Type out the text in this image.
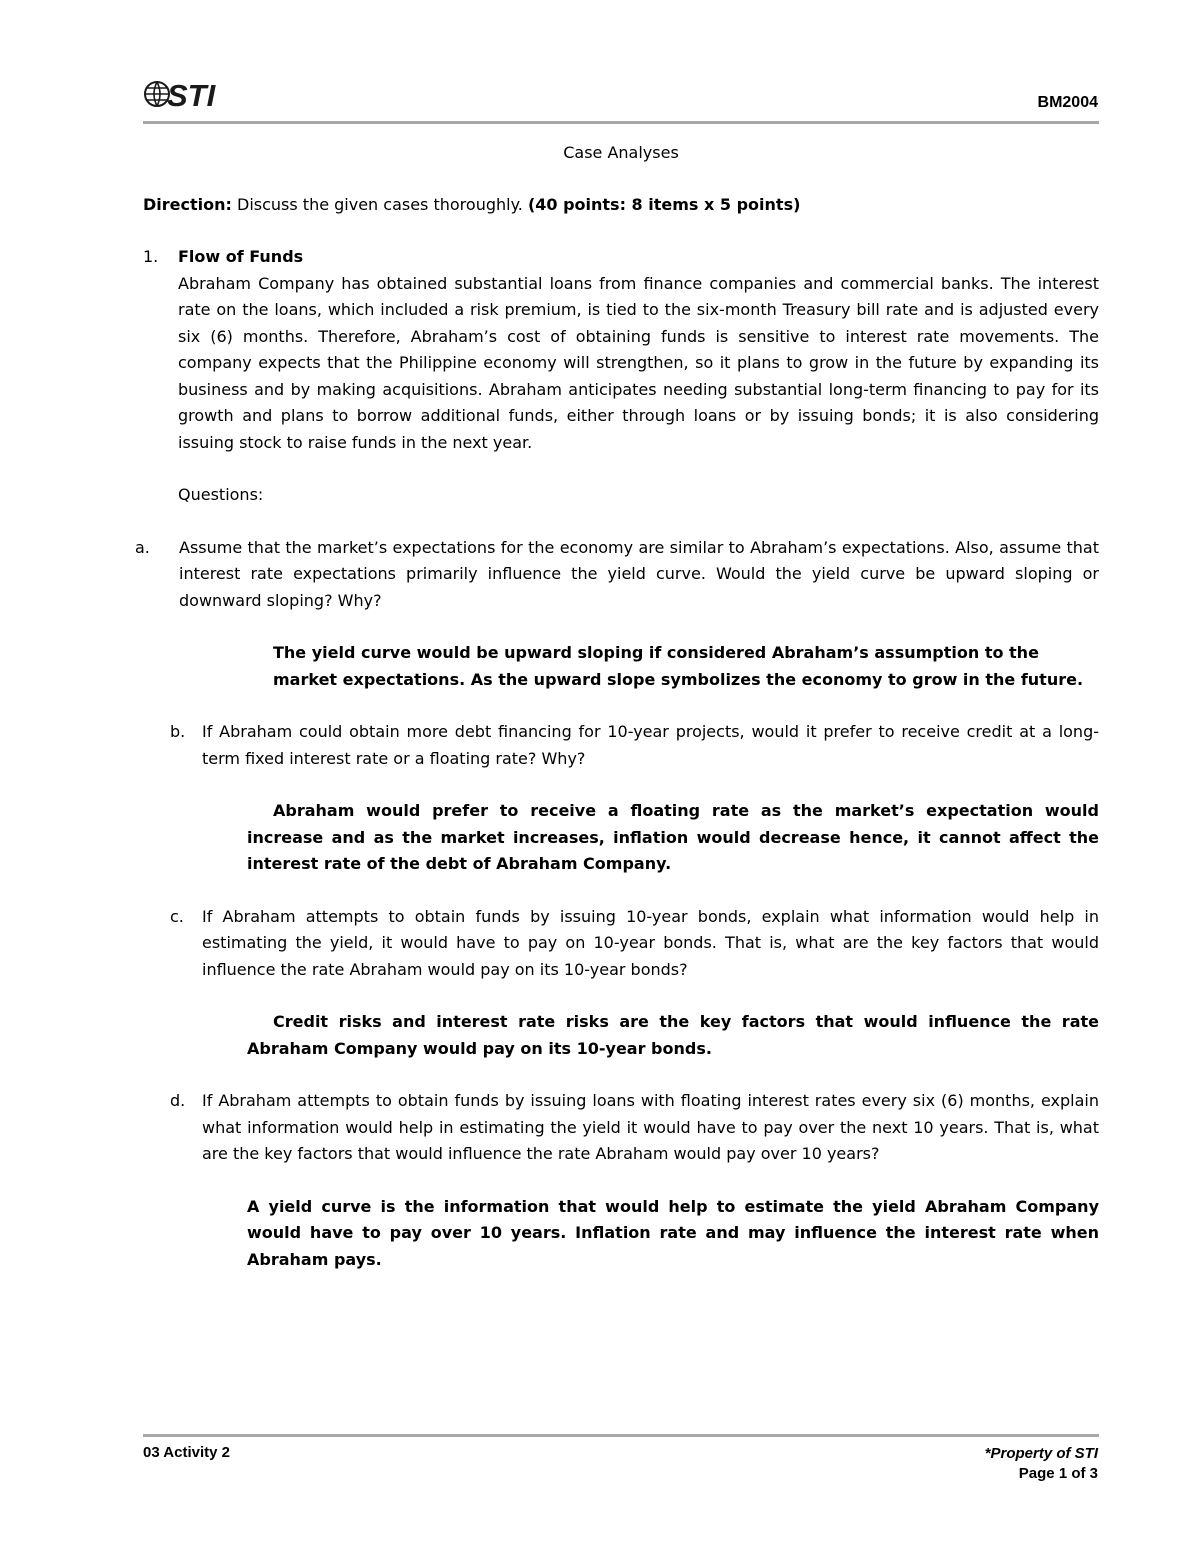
STI	BM2004
Case Analyses
Direction: Discuss the given cases thoroughly. (40 points: 8 items x 5 points)
1.	Flow of Funds
Abraham Company has obtained substantial loans from finance companies and commercial banks. The interest rate on the loans, which included a risk premium, is tied to the six-month Treasury bill rate and is adjusted every six (6) months. Therefore, Abraham’s cost of obtaining funds is sensitive to interest rate movements. The company expects that the Philippine economy will strengthen, so it plans to grow in the future by expanding its business and by making acquisitions. Abraham anticipates needing substantial long-term financing to pay for its growth and plans to borrow additional funds, either through loans or by issuing bonds; it is also considering issuing stock to raise funds in the next year.
Questions:
a.	Assume that the market’s expectations for the economy are similar to Abraham’s expectations. Also, assume that interest rate expectations primarily influence the yield curve. Would the yield curve be upward sloping or downward sloping? Why?
The yield curve would be upward sloping if considered Abraham’s assumption to the market expectations. As the upward slope symbolizes the economy to grow in the future.
b.	If Abraham could obtain more debt financing for 10-year projects, would it prefer to receive credit at a long-term fixed interest rate or a floating rate? Why?
Abraham would prefer to receive a floating rate as the market’s expectation would increase and as the market increases, inflation would decrease hence, it cannot affect the interest rate of the debt of Abraham Company.
c.	If Abraham attempts to obtain funds by issuing 10-year bonds, explain what information would help in estimating the yield, it would have to pay on 10-year bonds. That is, what are the key factors that would influence the rate Abraham would pay on its 10-year bonds?
Credit risks and interest rate risks are the key factors that would influence the rate Abraham Company would pay on its 10-year bonds.
d.	If Abraham attempts to obtain funds by issuing loans with floating interest rates every six (6) months, explain what information would help in estimating the yield it would have to pay over the next 10 years. That is, what are the key factors that would influence the rate Abraham would pay over 10 years?
A yield curve is the information that would help to estimate the yield Abraham Company would have to pay over 10 years. Inflation rate and may influence the interest rate when Abraham pays.
03 Activity 2	*Property of STI
Page 1 of 3
